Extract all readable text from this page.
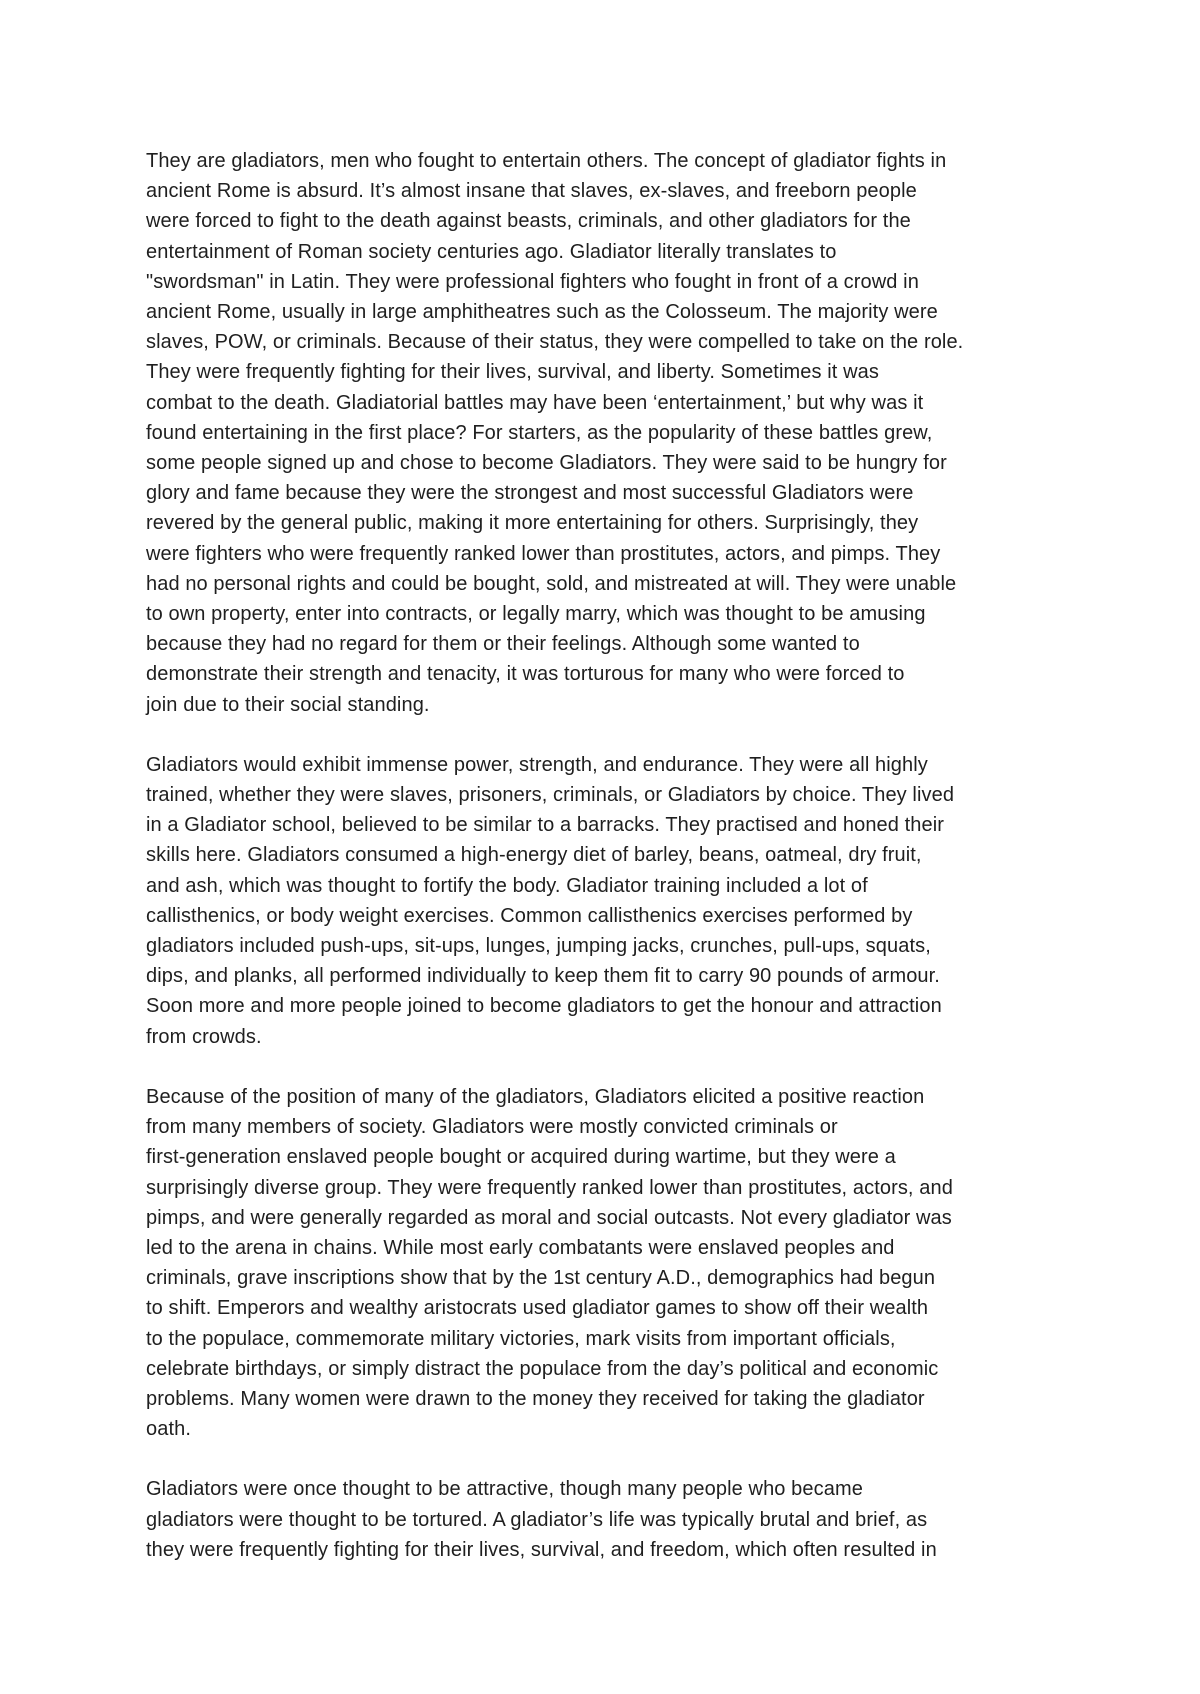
They are gladiators, men who fought to entertain others. The concept of gladiator fights in
ancient Rome is absurd. It’s almost insane that slaves, ex-slaves, and freeborn people
were forced to fight to the death against beasts, criminals, and other gladiators for the
entertainment of Roman society centuries ago. Gladiator literally translates to
"swordsman" in Latin. They were professional fighters who fought in front of a crowd in
ancient Rome, usually in large amphitheatres such as the Colosseum. The majority were
slaves, POW, or criminals. Because of their status, they were compelled to take on the role.
They were frequently fighting for their lives, survival, and liberty. Sometimes it was
combat to the death. Gladiatorial battles may have been ‘entertainment,’ but why was it
found entertaining in the first place? For starters, as the popularity of these battles grew,
some people signed up and chose to become Gladiators. They were said to be hungry for
glory and fame because they were the strongest and most successful Gladiators were
revered by the general public, making it more entertaining for others. Surprisingly, they
were fighters who were frequently ranked lower than prostitutes, actors, and pimps. They
had no personal rights and could be bought, sold, and mistreated at will. They were unable
to own property, enter into contracts, or legally marry, which was thought to be amusing
because they had no regard for them or their feelings. Although some wanted to
demonstrate their strength and tenacity, it was torturous for many who were forced to
join due to their social standing.

Gladiators would exhibit immense power, strength, and endurance. They were all highly
trained, whether they were slaves, prisoners, criminals, or Gladiators by choice. They lived
in a Gladiator school, believed to be similar to a barracks. They practised and honed their
skills here. Gladiators consumed a high-energy diet of barley, beans, oatmeal, dry fruit,
and ash, which was thought to fortify the body. Gladiator training included a lot of
callisthenics, or body weight exercises. Common callisthenics exercises performed by
gladiators included push-ups, sit-ups, lunges, jumping jacks, crunches, pull-ups, squats,
dips, and planks, all performed individually to keep them fit to carry 90 pounds of armour.
Soon more and more people joined to become gladiators to get the honour and attraction
from crowds.

Because of the position of many of the gladiators, Gladiators elicited a positive reaction
from many members of society. Gladiators were mostly convicted criminals or
first-generation enslaved people bought or acquired during wartime, but they were a
surprisingly diverse group. They were frequently ranked lower than prostitutes, actors, and
pimps, and were generally regarded as moral and social outcasts. Not every gladiator was
led to the arena in chains. While most early combatants were enslaved peoples and
criminals, grave inscriptions show that by the 1st century A.D., demographics had begun
to shift. Emperors and wealthy aristocrats used gladiator games to show off their wealth
to the populace, commemorate military victories, mark visits from important officials,
celebrate birthdays, or simply distract the populace from the day’s political and economic
problems. Many women were drawn to the money they received for taking the gladiator
oath.

Gladiators were once thought to be attractive, though many people who became
gladiators were thought to be tortured. A gladiator’s life was typically brutal and brief, as
they were frequently fighting for their lives, survival, and freedom, which often resulted in
